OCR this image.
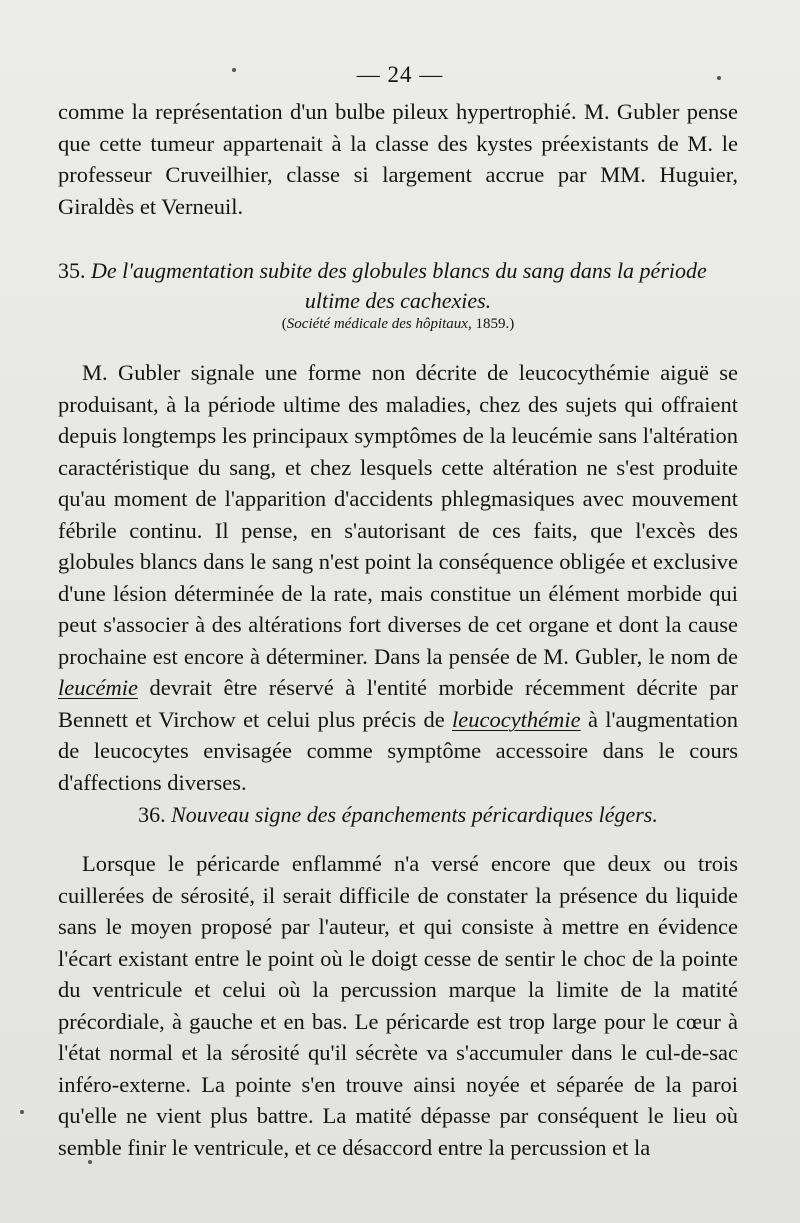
— 24 —

comme la représentation d'un bulbe pileux hypertrophié. M. Gubler pense que cette tumeur appartenait à la classe des kystes préexistants de M. le professeur Cruveilhier, classe si largement accrue par MM. Huguier, Giraldès et Verneuil.

35. De l'augmentation subite des globules blancs du sang dans la période

ultime des cachexies.

(Société médicale des hôpitaux, 1859.)

M. Gubler signale une forme non décrite de leucocythémie aiguë se produisant, à la période ultime des maladies, chez des sujets qui offraient depuis longtemps les principaux symptômes de la leucémie sans l'altération caractéristique du sang, et chez lesquels cette altération ne s'est produite qu'au moment de l'apparition d'accidents phlegmasiques avec mouvement fébrile continu. Il pense, en s'autorisant de ces faits, que l'excès des globules blancs dans le sang n'est point la conséquence obligée et exclusive d'une lésion déterminée de la rate, mais constitue un élément morbide qui peut s'associer à des altérations fort diverses de cet organe et dont la cause prochaine est encore à déterminer. Dans la pensée de M. Gubler, le nom de leucémie devrait être réservé à l'entité morbide récemment décrite par Bennett et Virchow et celui plus précis de leucocythémie à l'augmentation de leucocytes envisagée comme symptôme accessoire dans le cours d'affections diverses.

36. Nouveau signe des épanchements péricardiques légers.

Lorsque le péricarde enflammé n'a versé encore que deux ou trois cuillerées de sérosité, il serait difficile de constater la présence du liquide sans le moyen proposé par l'auteur, et qui consiste à mettre en évidence l'écart existant entre le point où le doigt cesse de sentir le choc de la pointe du ventricule et celui où la percussion marque la limite de la matité précordiale, à gauche et en bas. Le péricarde est trop large pour le cœur à l'état normal et la sérosité qu'il sécrète va s'accumuler dans le cul-de-sac inféro-externe. La pointe s'en trouve ainsi noyée et séparée de la paroi qu'elle ne vient plus battre. La matité dépasse par conséquent le lieu où semble finir le ventricule, et ce désaccord entre la percussion et la
